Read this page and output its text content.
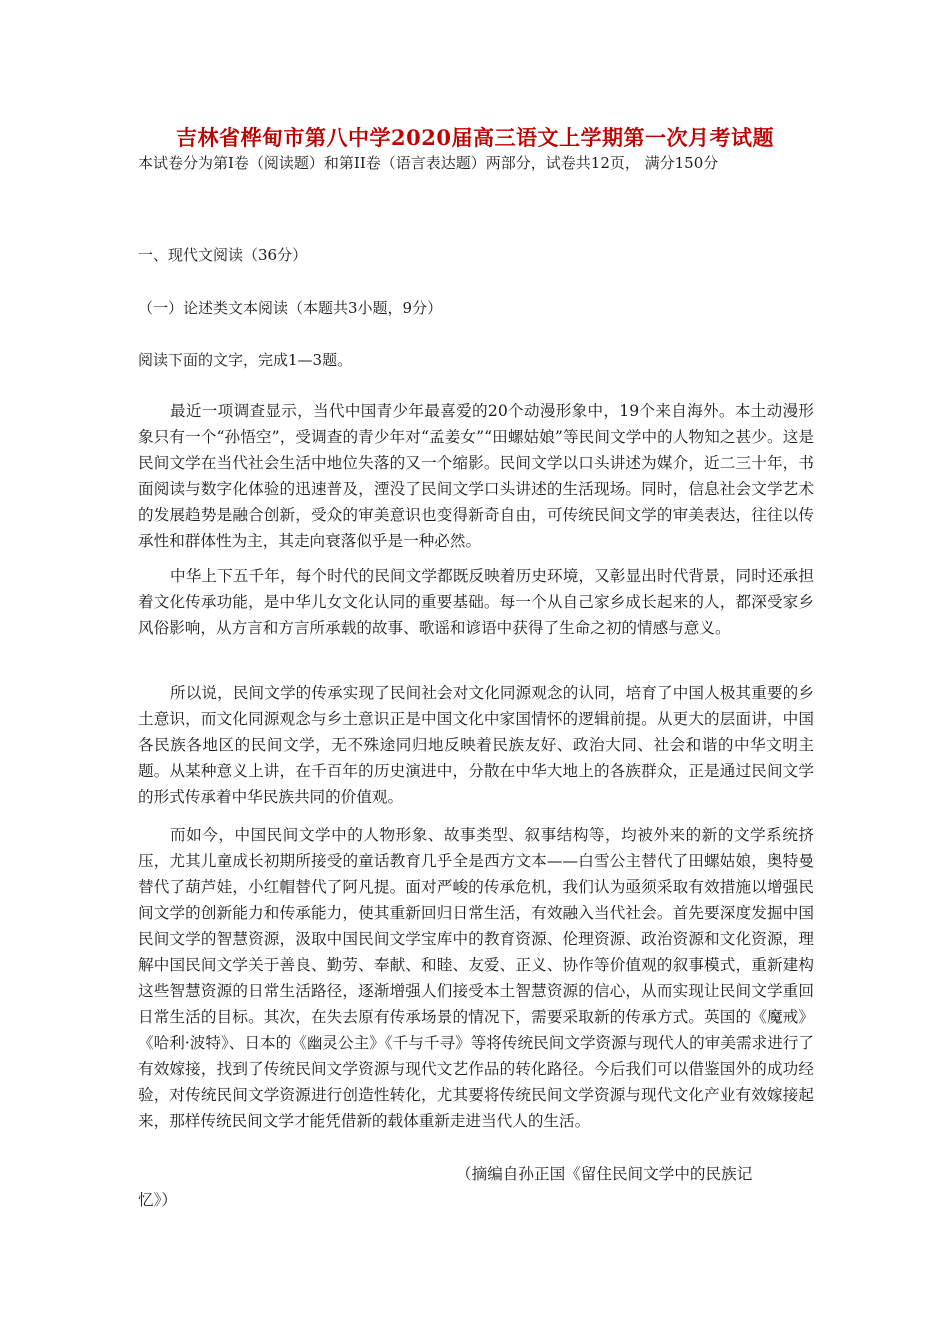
吉林省桦甸市第八中学2020届高三语文上学期第一次月考试题
本试卷分为第I卷（阅读题）和第II卷（语言表达题）两部分，试卷共12页， 满分150分
一、现代文阅读（36分）
（一）论述类文本阅读（本题共3小题，9分）
阅读下面的文字，完成1—3题。
最近一项调查显示，当代中国青少年最喜爱的20个动漫形象中，19个来自海外。本土动漫形象只有一个“孙悟空”，受调查的青少年对“孟姜女”“田螺姑娘”等民间文学中的人物知之甚少。这是民间文学在当代社会生活中地位失落的又一个缩影。民间文学以口头讲述为媒介，近二三十年，书面阅读与数字化体验的迅速普及，湮没了民间文学口头讲述的生活现场。同时，信息社会文学艺术的发展趋势是融合创新，受众的审美意识也变得新奇自由，可传统民间文学的审美表达，往往以传承性和群体性为主，其走向衰落似乎是一种必然。
中华上下五千年，每个时代的民间文学都既反映着历史环境，又彰显出时代背景，同时还承担着文化传承功能，是中华儿女文化认同的重要基础。每一个从自己家乡成长起来的人，都深受家乡风俗影响，从方言和方言所承载的故事、歌谣和谚语中获得了生命之初的情感与意义。
所以说，民间文学的传承实现了民间社会对文化同源观念的认同，培育了中国人极其重要的乡土意识，而文化同源观念与乡土意识正是中国文化中家国情怀的逻辑前提。从更大的层面讲，中国各民族各地区的民间文学，无不殊途同归地反映着民族友好、政治大同、社会和谐的中华文明主题。从某种意义上讲，在千百年的历史演进中，分散在中华大地上的各族群众，正是通过民间文学的形式传承着中华民族共同的价值观。
而如今，中国民间文学中的人物形象、故事类型、叙事结构等，均被外来的新的文学系统挤压，尤其儿童成长初期所接受的童话教育几乎全是西方文本——白雪公主替代了田螺姑娘，奥特曼替代了葫芦娃，小红帽替代了阿凡提。面对严峻的传承危机，我们认为亟须采取有效措施以增强民间文学的创新能力和传承能力，使其重新回归日常生活，有效融入当代社会。首先要深度发掘中国民间文学的智慧资源，汲取中国民间文学宝库中的教育资源、伦理资源、政治资源和文化资源，理解中国民间文学关于善良、勤劳、奉献、和睦、友爱、正义、协作等价值观的叙事模式，重新建构这些智慧资源的日常生活路径，逐渐增强人们接受本土智慧资源的信心，从而实现让民间文学重回日常生活的目标。其次，在失去原有传承场景的情况下，需要采取新的传承方式。英国的《魔戒》《哈利·波特》、日本的《幽灵公主》《千与千寻》等将传统民间文学资源与现代人的审美需求进行了有效嫁接，找到了传统民间文学资源与现代文艺作品的转化路径。今后我们可以借鉴国外的成功经验，对传统民间文学资源进行创造性转化，尤其要将传统民间文学资源与现代文化产业有效嫁接起来，那样传统民间文学才能凭借新的载体重新走进当代人的生活。
（摘编自孙正国《留住民间文学中的民族记
忆》）
